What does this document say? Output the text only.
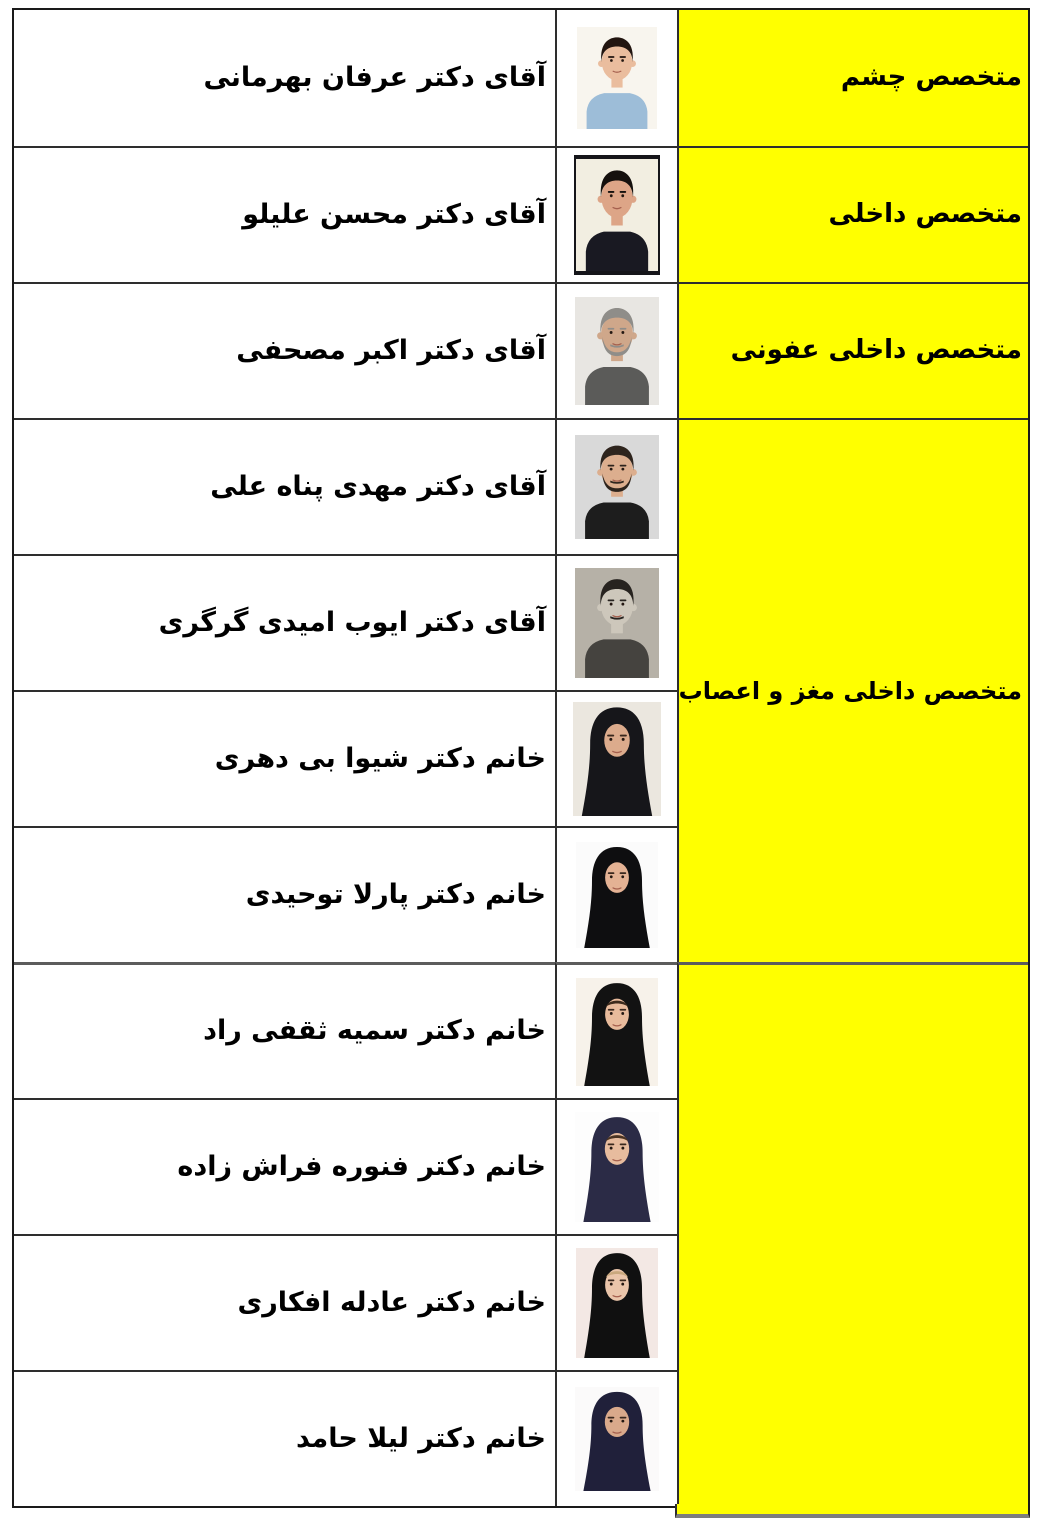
متخصص چشم
آقای دکتر عرفان بهرمانی
متخصص داخلی
آقای دکتر محسن علیلو
متخصص داخلی عفونی
آقای دکتر اکبر مصحفی
متخصص داخلی مغز و اعصاب
آقای دکتر مهدی پناه علی
آقای دکتر ایوب امیدی گرگری
خانم دکتر شیوا بی دهری
خانم دکتر پارلا توحیدی
خانم دکتر سمیه ثقفی راد
خانم دکتر فنوره فراش زاده
خانم دکتر عادله افکاری
خانم دکتر لیلا حامد
